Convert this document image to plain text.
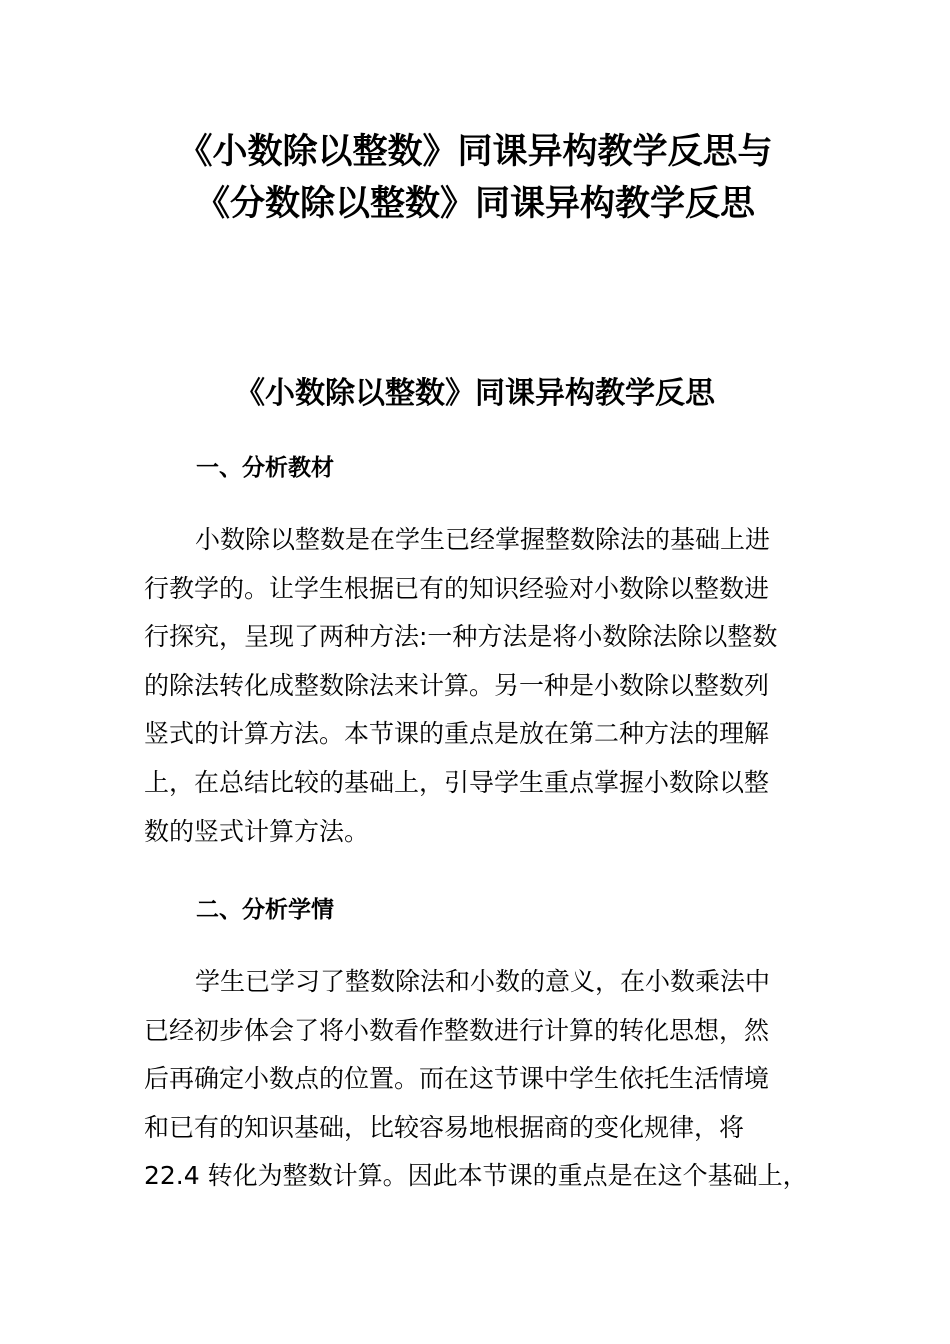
《小数除以整数》同课异构教学反思与
《分数除以整数》同课异构教学反思
《小数除以整数》同课异构教学反思
一、分析教材
小数除以整数是在学生已经掌握整数除法的基础上进
行教学的。让学生根据已有的知识经验对小数除以整数进
行探究，呈现了两种方法:一种方法是将小数除法除以整数
的除法转化成整数除法来计算。另一种是小数除以整数列
竖式的计算方法。本节课的重点是放在第二种方法的理解
上，在总结比较的基础上，引导学生重点掌握小数除以整
数的竖式计算方法。
二、分析学情
学生已学习了整数除法和小数的意义，在小数乘法中
已经初步体会了将小数看作整数进行计算的转化思想，然
后再确定小数点的位置。而在这节课中学生依托生活情境
和已有的知识基础，比较容易地根据商的变化规律，将
22.4 转化为整数计算。因此本节课的重点是在这个基础上，
